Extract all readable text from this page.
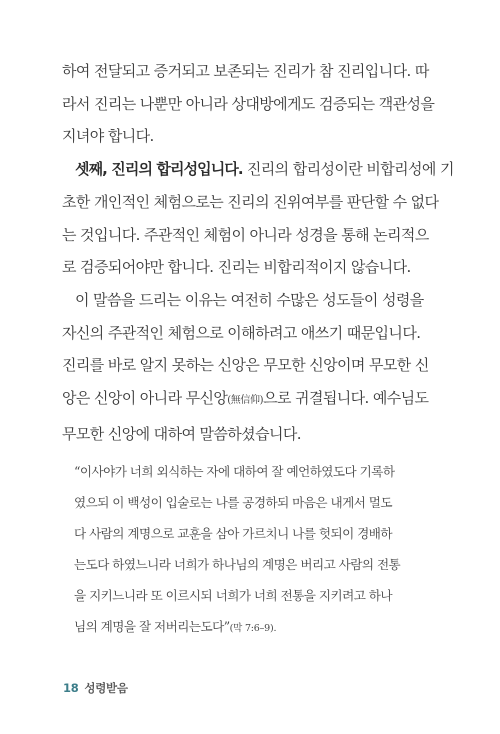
하여 전달되고 증거되고 보존되는 진리가 참 진리입니다. 따
라서 진리는 나뿐만 아니라 상대방에게도 검증되는 객관성을
지녀야 합니다.
셋째, 진리의 합리성입니다. 진리의 합리성이란 비합리성에 기
초한 개인적인 체험으로는 진리의 진위여부를 판단할 수 없다
는 것입니다. 주관적인 체험이 아니라 성경을 통해 논리적으
로 검증되어야만 합니다. 진리는 비합리적이지 않습니다.
이 말씀을 드리는 이유는 여전히 수많은 성도들이 성령을
자신의 주관적인 체험으로 이해하려고 애쓰기 때문입니다.
진리를 바로 알지 못하는 신앙은 무모한 신앙이며 무모한 신
앙은 신앙이 아니라 무신앙(無信仰)으로 귀결됩니다. 예수님도
무모한 신앙에 대하여 말씀하셨습니다.
“이사야가 너희 외식하는 자에 대하여 잘 예언하였도다 기록하
였으되 이 백성이 입술로는 나를 공경하되 마음은 내게서 멀도
다 사람의 계명으로 교훈을 삼아 가르치니 나를 헛되이 경배하
는도다 하였느니라 너희가 하나님의 계명은 버리고 사람의 전통
을 지키느니라 또 이르시되 너희가 너희 전통을 지키려고 하나
님의 계명을 잘 저버리는도다”(막 7:6–9).
18 성령받음
